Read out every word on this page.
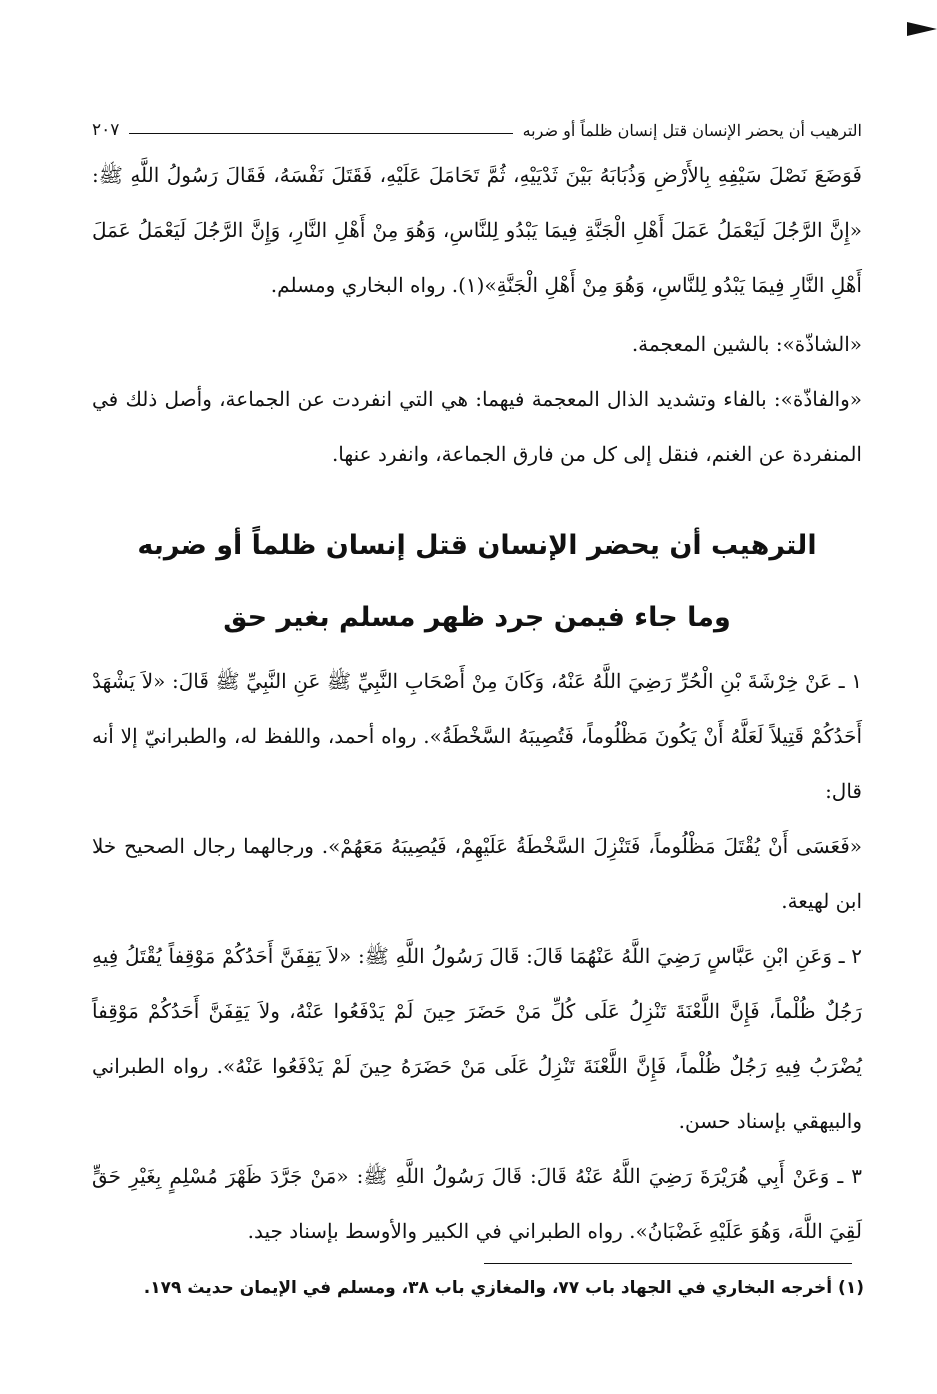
الترهيب أن يحضر الإنسان قتل إنسان ظلماً أو ضربه
٢٠٧

فَوَضَعَ نَصْلَ سَيْفِهِ بِالأَرْضِ وَذُبَابَهُ بَيْنَ ثَدْيَيْهِ، ثُمَّ تَحَامَلَ عَلَيْهِ، فَقَتَلَ نَفْسَهُ، فَقَالَ رَسُولُ اللَّهِ ﷺ: «إِنَّ الرَّجُلَ لَيَعْمَلُ عَمَلَ أَهْلِ الْجَنَّةِ فِيمَا يَبْدُو لِلنَّاسِ، وَهُوَ مِنْ أَهْلِ النَّارِ، وَإِنَّ الرَّجُلَ لَيَعْمَلُ عَمَلَ أَهْلِ النَّارِ فِيمَا يَبْدُو لِلنَّاسِ، وَهُوَ مِنْ أَهْلِ الْجَنَّةِ»(١). رواه البخاري ومسلم.

«الشاذّة»: بالشين المعجمة.

«والفاذّة»: بالفاء وتشديد الذال المعجمة فيهما: هي التي انفردت عن الجماعة، وأصل ذلك في المنفردة عن الغنم، فنقل إلى كل من فارق الجماعة، وانفرد عنها.

الترهيب أن يحضر الإنسان قتل إنسان ظلماً أو ضربه

وما جاء فيمن جرد ظهر مسلم بغير حق

١ ـ عَنْ خِرْشَةَ بْنِ الْحُرِّ رَضِيَ اللَّهُ عَنْهُ، وَكَانَ مِنْ أَصْحَابِ النَّبِيِّ ﷺ عَنِ النَّبِيِّ ﷺ قَالَ: «لاَ يَشْهَدْ أَحَدُكُمْ قَتِيلاً لَعَلَّهُ أَنْ يَكُونَ مَظْلُوماً، فَتُصِيبَهُ السَّخْطَةُ». رواه أحمد، واللفظ له، والطبرانيّ إلا أنه قال:

«فَعَسَى أَنْ يُقْتَلَ مَظْلُوماً، فَتَنْزِلَ السَّخْطَةُ عَلَيْهِمْ، فَيُصِيبَهُ مَعَهُمْ». ورجالهما رجال الصحيح خلا ابن لهيعة.

٢ ـ وَعَنِ ابْنِ عَبَّاسٍ رَضِيَ اللَّهُ عَنْهُمَا قَالَ: قَالَ رَسُولُ اللَّهِ ﷺ: «لاَ يَقِفَنَّ أَحَدُكُمْ مَوْقِفاً يُقْتَلُ فِيهِ رَجُلٌ ظُلْماً، فَإِنَّ اللَّعْنَةَ تَنْزِلُ عَلَى كُلِّ مَنْ حَضَرَ حِينَ لَمْ يَدْفَعُوا عَنْهُ، ولاَ يَقِفَنَّ أَحَدُكُمْ مَوْقِفاً يُضْرَبُ فِيهِ رَجُلٌ ظُلْماً، فَإِنَّ اللَّعْنَةَ تَنْزِلُ عَلَى مَنْ حَضَرَهُ حِينَ لَمْ يَدْفَعُوا عَنْهُ». رواه الطبراني والبيهقي بإسناد حسن.

٣ ـ وَعَنْ أَبِي هُرَيْرَةَ رَضِيَ اللَّهُ عَنْهُ قَالَ: قَالَ رَسُولُ اللَّهِ ﷺ: «مَنْ جَرَّدَ ظَهْرَ مُسْلِمٍ بِغَيْرِ حَقٍّ لَقِيَ اللَّهَ، وَهُوَ عَلَيْهِ غَضْبَانُ». رواه الطبراني في الكبير والأوسط بإسناد جيد.

(١) أخرجه البخاري في الجهاد باب ٧٧، والمغازي باب ٣٨، ومسلم في الإيمان حديث ١٧٩.
